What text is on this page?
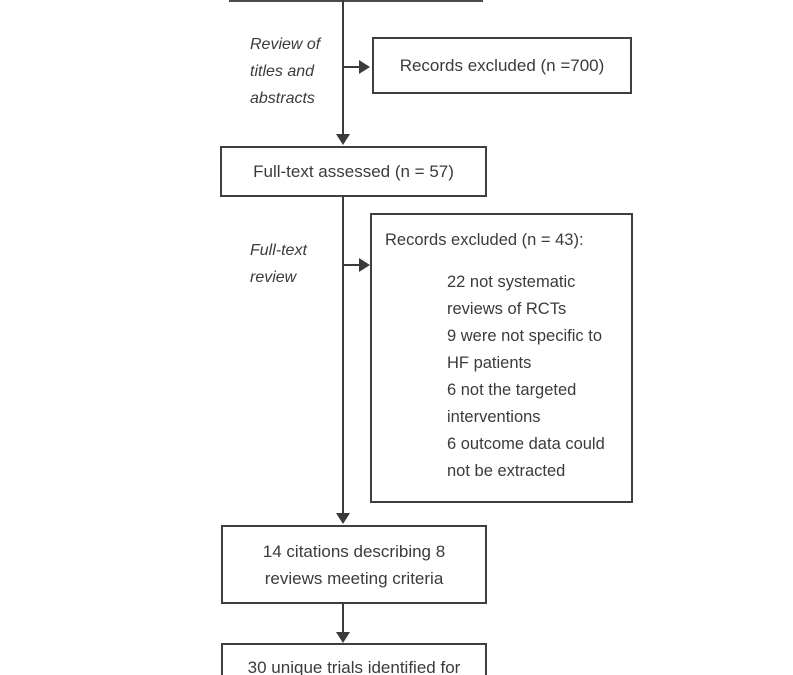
Review of
titles and
abstracts
Records excluded (n =700)
Full-text assessed (n = 57)
Full-text
review
Records excluded (n = 43):
22 not systematic
reviews of RCTs
9 were not specific to
HF patients
6 not the targeted
interventions
6 outcome data could
not be extracted
14 citations describing 8
reviews meeting criteria
30 unique trials identified for
